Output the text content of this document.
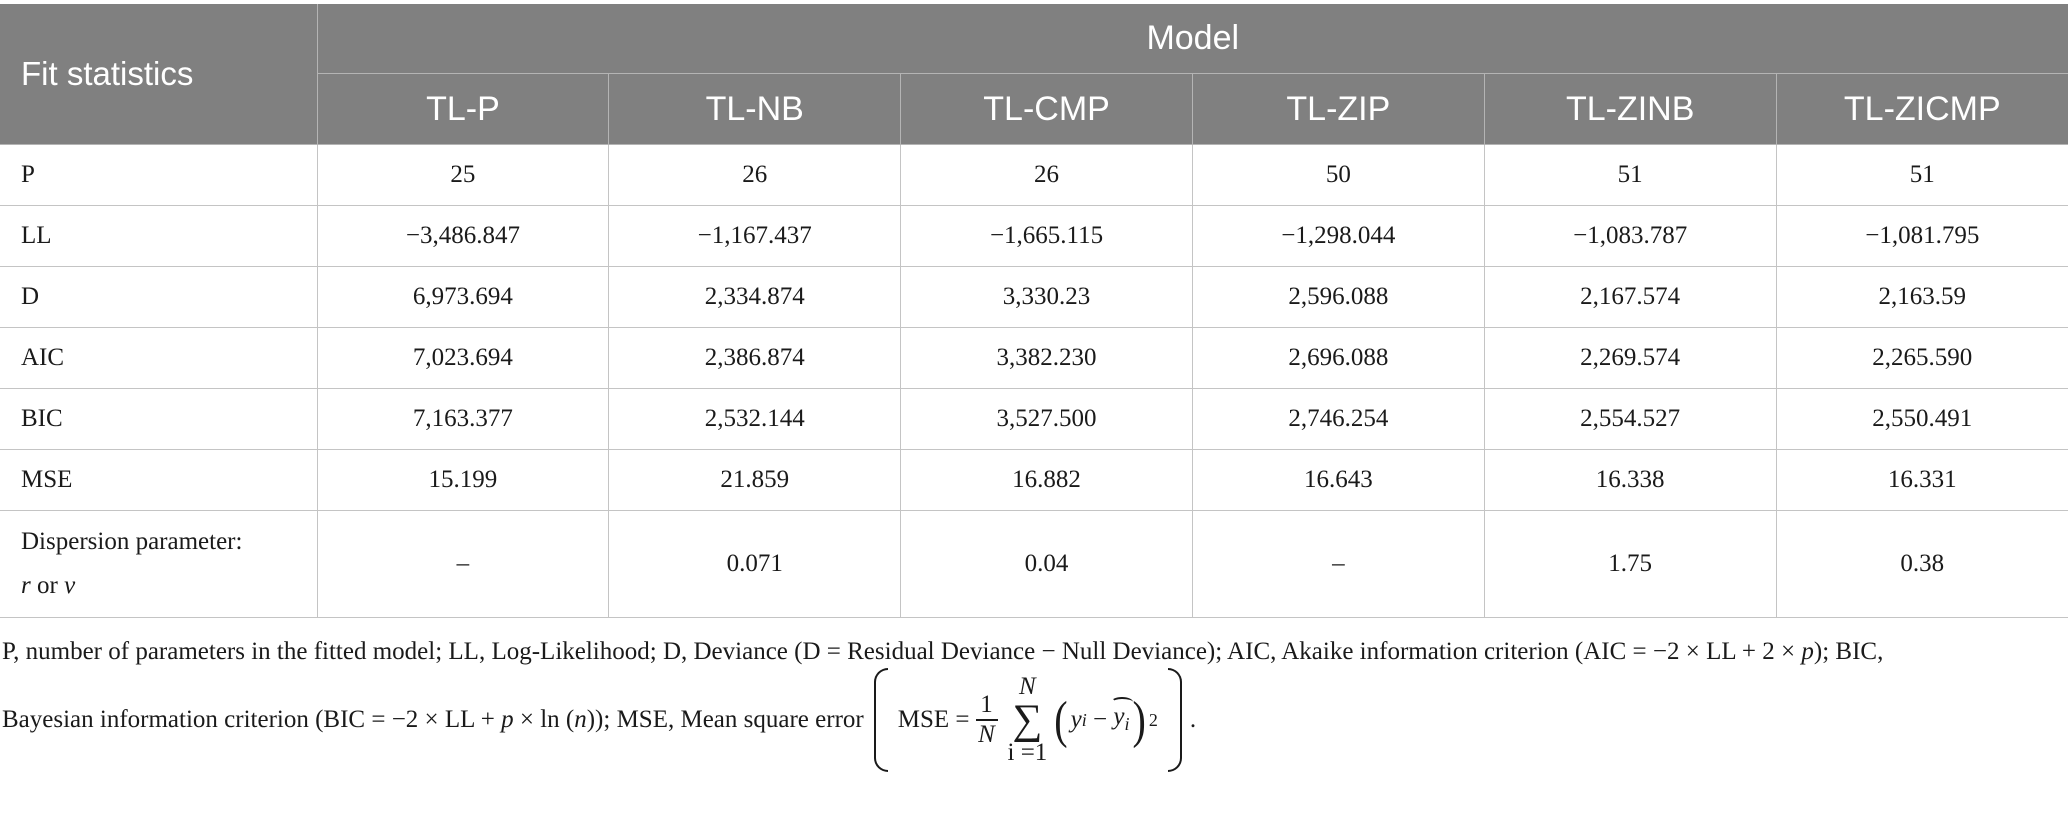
Fit statistics	Model					
	TL-P	TL-NB	TL-CMP	TL-ZIP	TL-ZINB	TL-ZICMP
P	25	26	26	50	51	51
LL	−3,486.847	−1,167.437	−1,665.115	−1,298.044	−1,083.787	−1,081.795
D	6,973.694	2,334.874	3,330.23	2,596.088	2,167.574	2,163.59
AIC	7,023.694	2,386.874	3,382.230	2,696.088	2,269.574	2,265.590
BIC	7,163.377	2,532.144	3,527.500	2,746.254	2,554.527	2,550.491
MSE	15.199	21.859	16.882	16.643	16.338	16.331

Dispersion parameter:
r or v	–	0.071	0.04	–	1.75	0.38
P, number of parameters in the fitted model; LL, Log-Likelihood; D, Deviance (D = Residual Deviance − Null Deviance); AIC, Akaike information criterion (AIC = −2 × LL + 2 × p); BIC,
Bayesian information criterion (BIC = −2 × LL + p × ln (n)); MSE, Mean square error MSE = $\frac{1}{N}$
N
∑
i =1
( y $i - y_i$ ) 2 .
